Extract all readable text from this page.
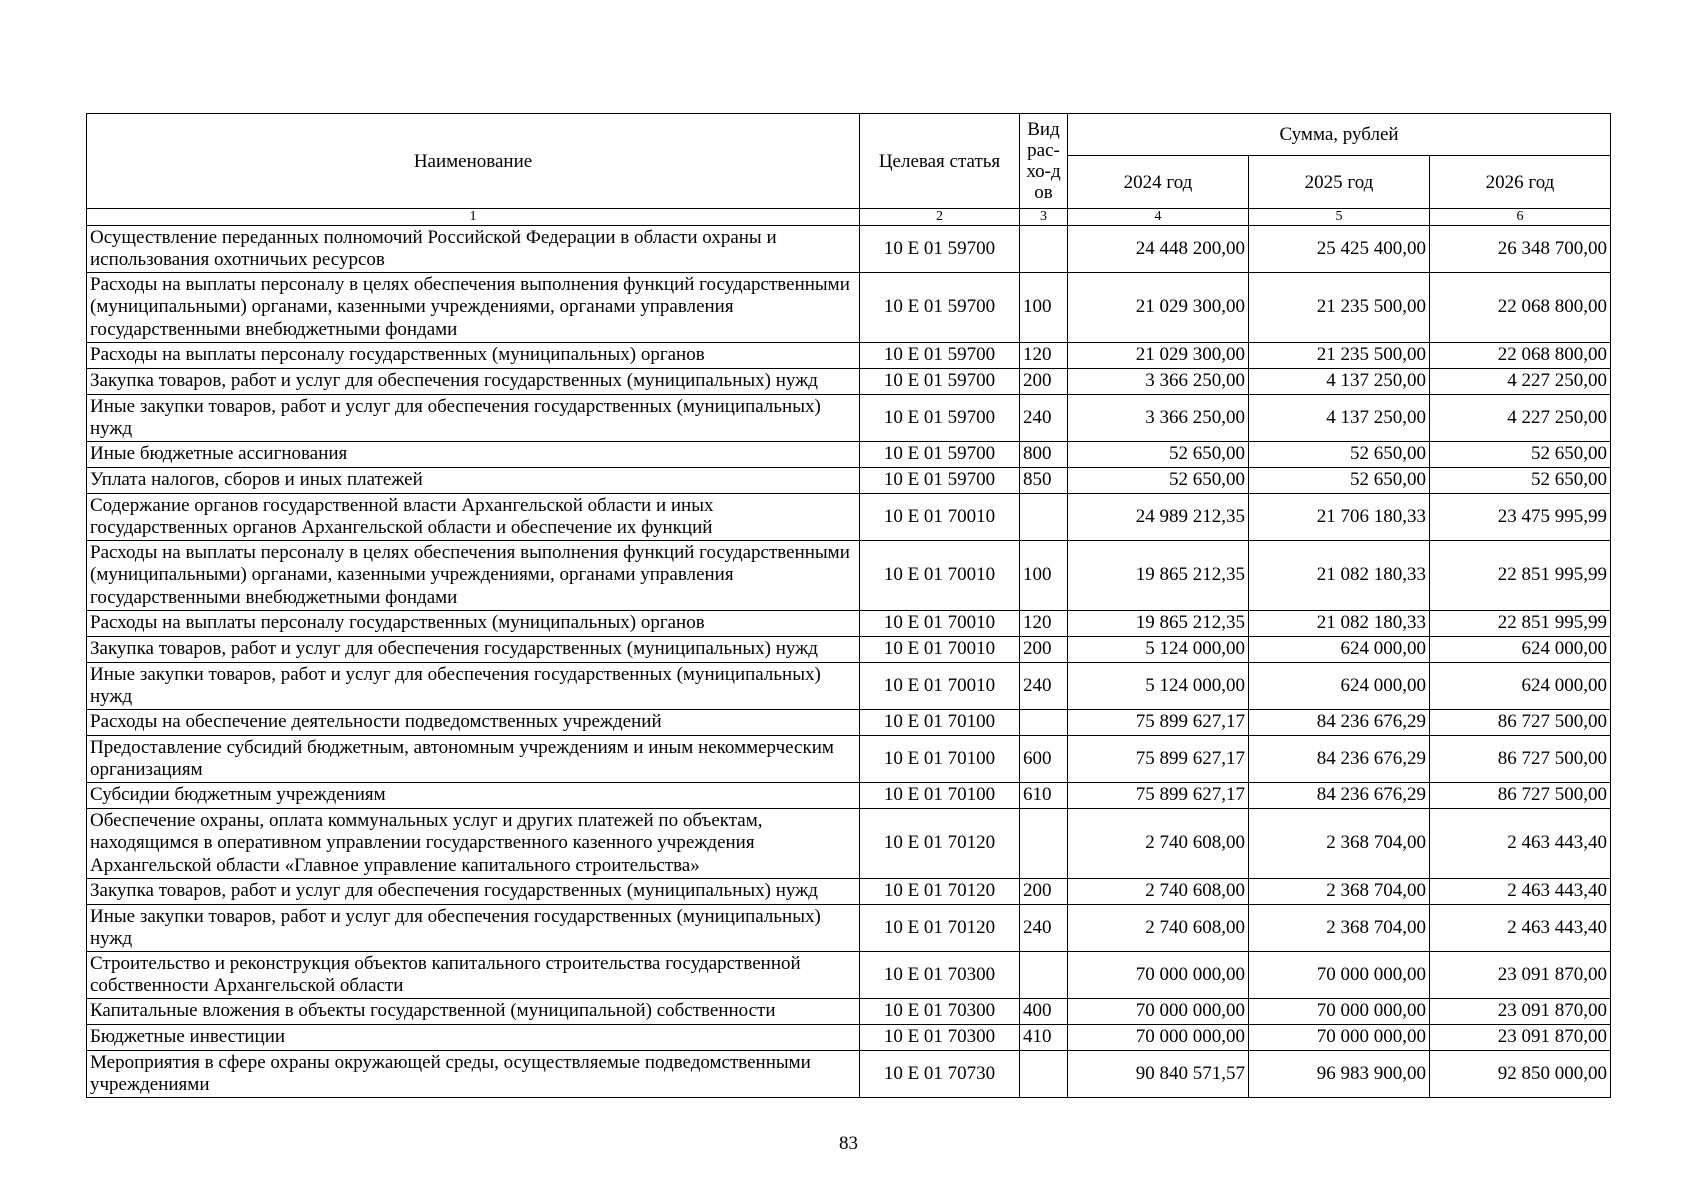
Наименование	Целевая статья	Вид рас-хо-дов	Сумма, рублей		
			2024 год	2025 год	2026 год
1	2	3	4	5	6
Осуществление переданных полномочий Российской Федерации в области охраны и использования охотничьих ресурсов	10 Е 01 59700		24 448 200,00	25 425 400,00	26 348 700,00
Расходы на выплаты персоналу в целях обеспечения выполнения функций государственными (муниципальными) органами, казенными учреждениями, органами управления государственными внебюджетными фондами	10 Е 01 59700	100	21 029 300,00	21 235 500,00	22 068 800,00
Расходы на выплаты персоналу государственных (муниципальных) органов	10 Е 01 59700	120	21 029 300,00	21 235 500,00	22 068 800,00
Закупка товаров, работ и услуг для обеспечения государственных (муниципальных) нужд	10 Е 01 59700	200	3 366 250,00	4 137 250,00	4 227 250,00
Иные закупки товаров, работ и услуг для обеспечения государственных (муниципальных) нужд	10 Е 01 59700	240	3 366 250,00	4 137 250,00	4 227 250,00
Иные бюджетные ассигнования	10 Е 01 59700	800	52 650,00	52 650,00	52 650,00
Уплата налогов, сборов и иных платежей	10 Е 01 59700	850	52 650,00	52 650,00	52 650,00
Содержание органов государственной власти Архангельской области и иных государственных органов Архангельской области и обеспечение их функций	10 Е 01 70010		24 989 212,35	21 706 180,33	23 475 995,99
Расходы на выплаты персоналу в целях обеспечения выполнения функций государственными (муниципальными) органами, казенными учреждениями, органами управления государственными внебюджетными фондами	10 Е 01 70010	100	19 865 212,35	21 082 180,33	22 851 995,99
Расходы на выплаты персоналу государственных (муниципальных) органов	10 Е 01 70010	120	19 865 212,35	21 082 180,33	22 851 995,99
Закупка товаров, работ и услуг для обеспечения государственных (муниципальных) нужд	10 Е 01 70010	200	5 124 000,00	624 000,00	624 000,00
Иные закупки товаров, работ и услуг для обеспечения государственных (муниципальных) нужд	10 Е 01 70010	240	5 124 000,00	624 000,00	624 000,00
Расходы на обеспечение деятельности подведомственных учреждений	10 Е 01 70100		75 899 627,17	84 236 676,29	86 727 500,00
Предоставление субсидий бюджетным, автономным учреждениям и иным некоммерческим организациям	10 Е 01 70100	600	75 899 627,17	84 236 676,29	86 727 500,00
Субсидии бюджетным учреждениям	10 Е 01 70100	610	75 899 627,17	84 236 676,29	86 727 500,00
Обеспечение охраны, оплата коммунальных услуг и других платежей по объектам, находящимся в оперативном управлении государственного казенного учреждения Архангельской области «Главное управление капитального строительства»	10 Е 01 70120		2 740 608,00	2 368 704,00	2 463 443,40
Закупка товаров, работ и услуг для обеспечения государственных (муниципальных) нужд	10 Е 01 70120	200	2 740 608,00	2 368 704,00	2 463 443,40
Иные закупки товаров, работ и услуг для обеспечения государственных (муниципальных) нужд	10 Е 01 70120	240	2 740 608,00	2 368 704,00	2 463 443,40
Строительство и реконструкция объектов капитального строительства государственной собственности Архангельской области	10 Е 01 70300		70 000 000,00	70 000 000,00	23 091 870,00
Капитальные вложения в объекты государственной (муниципальной) собственности	10 Е 01 70300	400	70 000 000,00	70 000 000,00	23 091 870,00
Бюджетные инвестиции	10 Е 01 70300	410	70 000 000,00	70 000 000,00	23 091 870,00
Мероприятия в сфере охраны окружающей среды, осуществляемые подведомственными учреждениями	10 Е 01 70730		90 840 571,57	96 983 900,00	92 850 000,00
83
